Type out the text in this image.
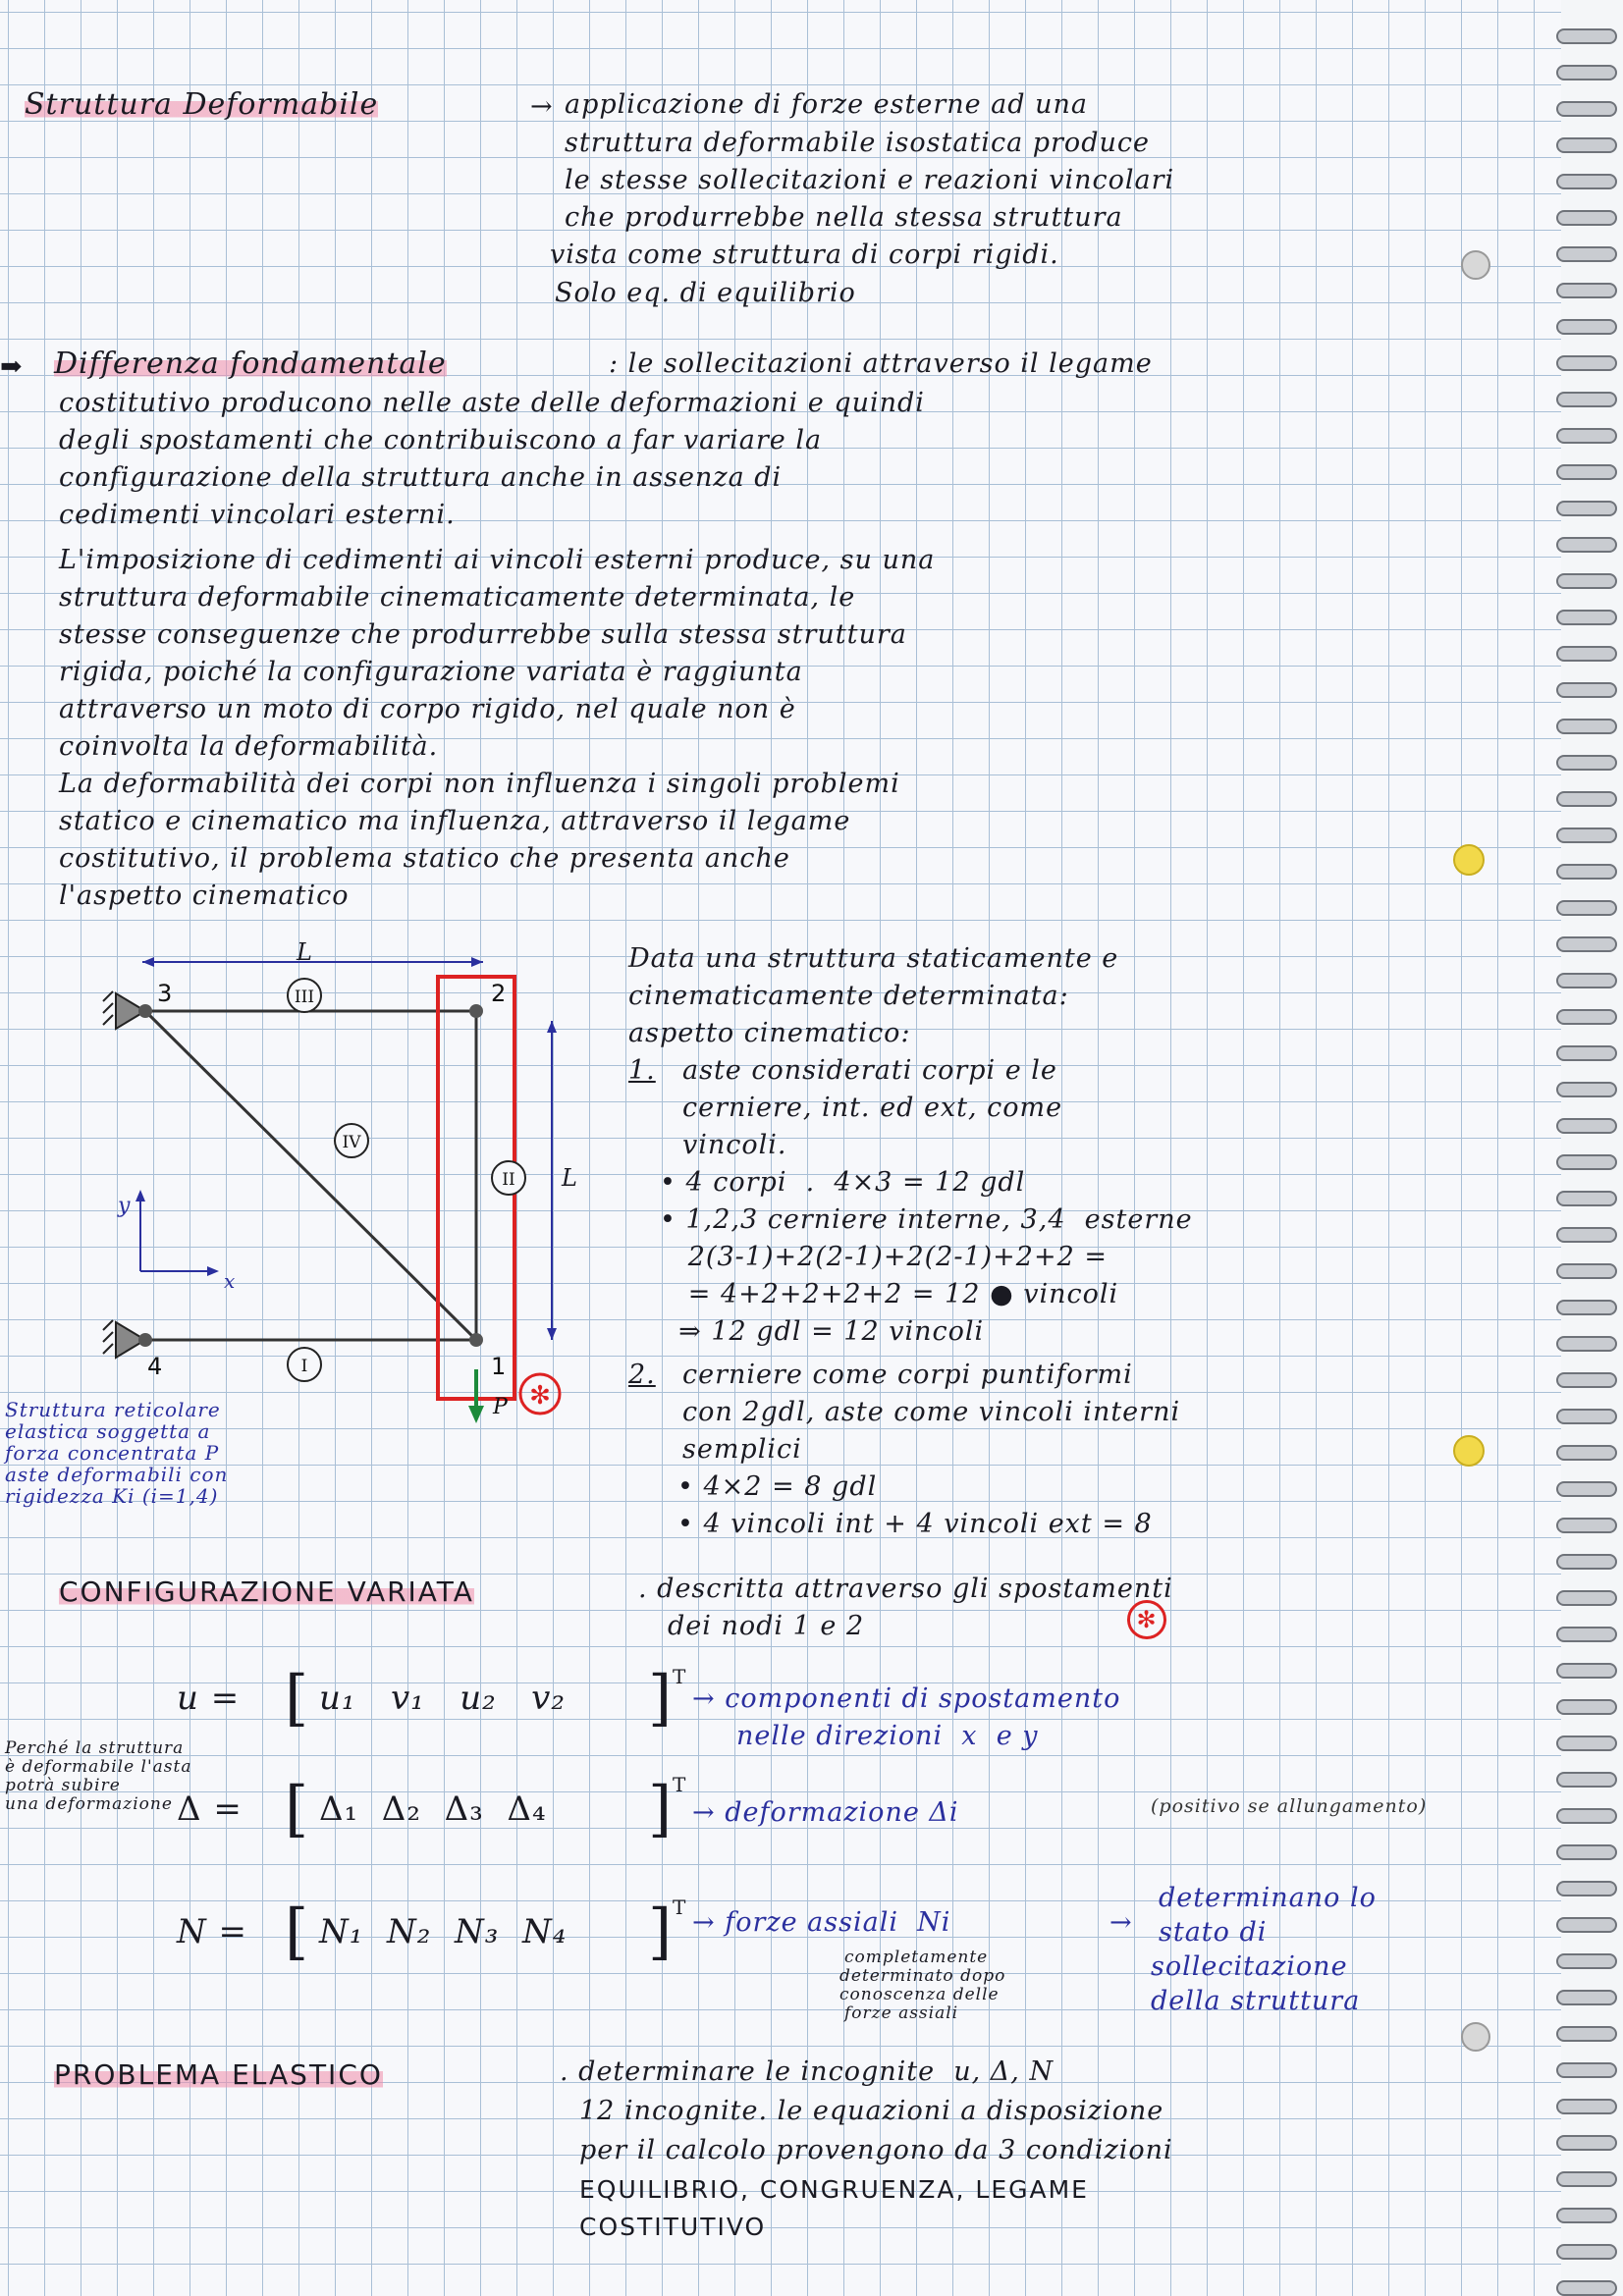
Struttura Deformabile	→ applicazione di forze esterne ad una
struttura deformabile isostatica produce
le stesse sollecitazioni e reazioni vincolari
che produrrebbe nella stessa struttura
vista come struttura di corpi rigidi.
Solo eq. di equilibrio
➡ Differenza fondamentale	: le sollecitazioni attraverso il legame
costitutivo producono nelle aste delle deformazioni e quindi
degli spostamenti che contribuiscono a far variare la
configurazione della struttura anche in assenza di
cedimenti vincolari esterni.
L'imposizione di cedimenti ai vincoli esterni produce, su una
struttura deformabile cinematicamente determinata, le
stesse conseguenze che produrrebbe sulla stessa struttura
rigida, poiché la configurazione variata è raggiunta
attraverso un moto di corpo rigido, nel quale non è
coinvolta la deformabilità.
La deformabilità dei corpi non influenza i singoli problemi
statico e cinematico ma influenza, attraverso il legame
costitutivo, il problema statico che presenta anche
l'aspetto cinematico
L
✻
3	2
1
4
III
I
II
IV
L
y
x
P
Struttura reticolare
elastica soggetta a
forza concentrata P
aste deformabili con
rigidezza Ki (i=1,4)
Data una struttura staticamente e
cinematicamente determinata:
aspetto cinematico:
1. aste considerati corpi e le
cerniere, int. ed ext, come
vincoli.
• 4 corpi  .  4×3 = 12 gdl
• 1,2,3 cerniere interne, 3,4  esterne
2(3-1)+2(2-1)+2(2-1)+2+2 =
= 4+2+2+2+2 = 12 ● vincoli
⇒ 12 gdl = 12 vincoli
2. cerniere come corpi puntiformi
con 2gdl, aste come vincoli interni
semplici
• 4×2 = 8 gdl
• 4 vincoli int + 4 vincoli ext = 8
CONFIGURAZIONE VARIATA	. descritta attraverso gli spostamenti
dei nodi 1 e 2	✻
u = [ u₁   v₁   u₂   v₂ ] T
→ componenti di spostamento
nelle direzioni  x  e y
Perché la struttura
è deformabile l'asta
potrà subire
una deformazione Δ = [ Δ₁  Δ₂  Δ₃  Δ₄ ] T
→ deformazione Δi	(positivo se allungamento)
N = [ N₁  N₂  N₃  N₄ ] T → forze assiali  Ni	→
determinano lo
stato di
sollecitazione
della struttura
completamente
determinato dopo
conoscenza delle
forze assiali
PROBLEMA ELASTICO	. determinare le incognite  u, Δ, N
12 incognite. le equazioni a disposizione
per il calcolo provengono da 3 condizioni
EQUILIBRIO, CONGRUENZA, LEGAME
COSTITUTIVO
